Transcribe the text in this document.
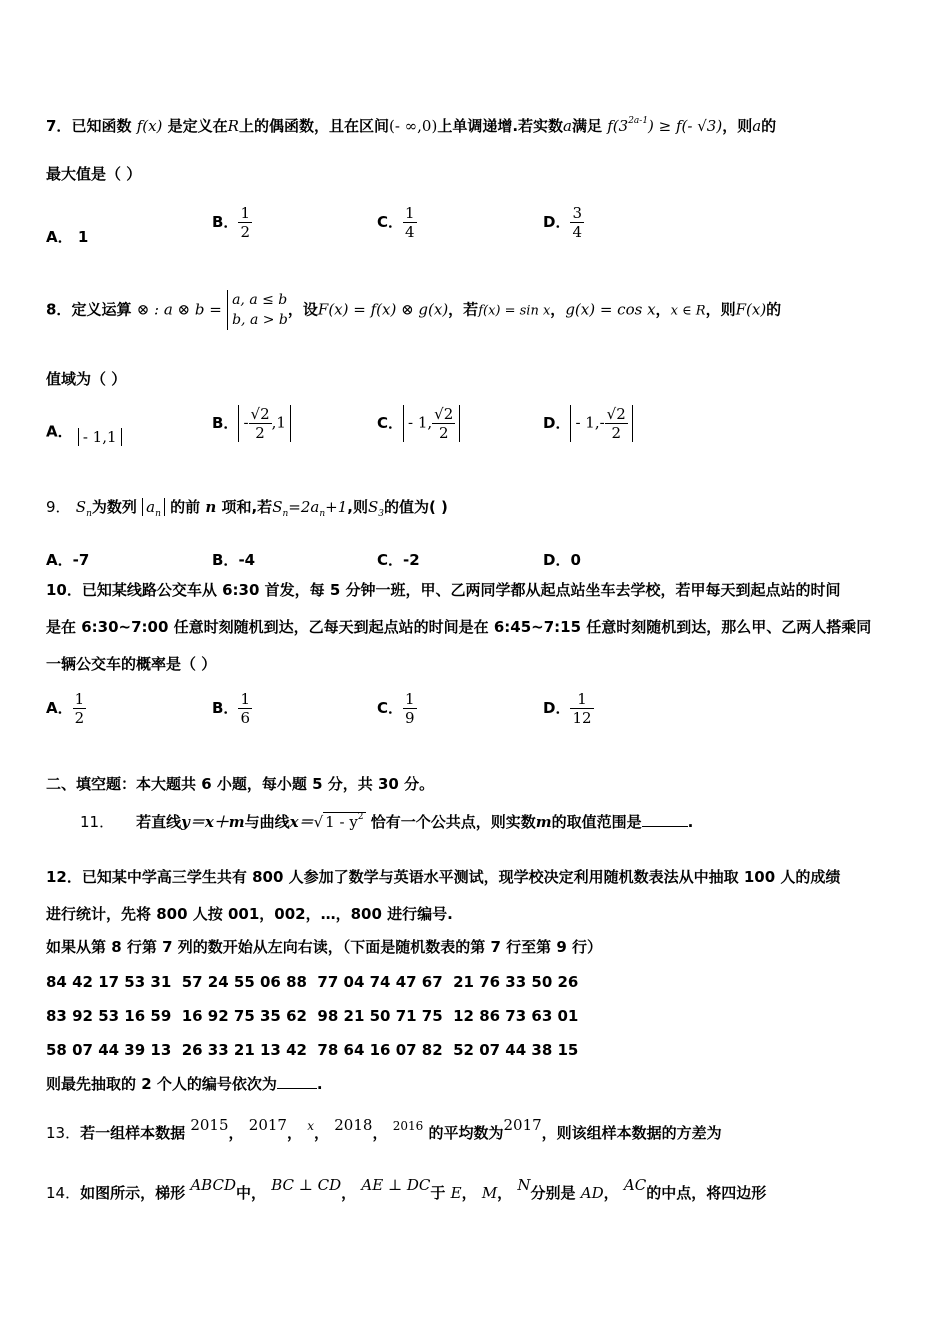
7．已知函数 f(x) 是定义在R上的偶函数，且在区间(- ∞,0)上单调递增.若实数a满足 $f(3^{2a-1}) \ge f(-$ √3)，则a的
最大值是（ ）
A． 1
B． $\frac{1}{2}$	C． $\frac{1}{4}$	D． $\frac{3}{4}$
8．定义运算 ⊗ : a ⊗ b =
a, a ≤ b
b, a > b
，设F(x) = f(x) ⊗ g(x)，若f(x) = sin x，g(x) = cos x，x ∈ R，则F(x)的
值域为（ ）
A． - 1,1
B． - $\frac{√2}{2} ,1$	C． - 1, $\frac{√2}{2}$	D． - $1,- \frac{√2}{2}$
9． $S_n$为数列 $a_n$ 的前 n 项和,若$S_n=2a_n+1$,则$S_3$的值为( )
A．-7	B．-4	C．-2	D．0
10．已知某线路公交车从 6:30 首发，每 5 分钟一班，甲、乙两同学都从起点站坐车去学校，若甲每天到起点站的时间
是在 6:30~7:00 任意时刻随机到达，乙每天到起点站的时间是在 6:45~7:15 任意时刻随机到达，那么甲、乙两人搭乘同
一辆公交车的概率是（ ）
A． $\frac{1}{2}$	B． $\frac{1}{6}$	C． $\frac{1}{9}$	D． $\frac{1}{12}$
二、填空题：本大题共 6 小题，每小题 5 分，共 30 分。
11． 若直线y＝x＋m与曲线x＝√ $1 - y^2$ 恰有一个公共点，则实数m的取值范围是	.
12．已知某中学高三学生共有 800 人参加了数学与英语水平测试，现学校决定利用随机数表法从中抽取 100 人的成绩
进行统计，先将 800 人按 001，002，…，800 进行编号.
如果从第 8 行第 7 列的数开始从左向右读，（下面是随机数表的第 7 行至第 9 行）
84 42 17 53 31  57 24 55 06 88  77 04 74 47 67  21 76 33 50 26
83 92 53 16 59  16 92 75 35 62  98 21 50 71 75  12 86 73 63 01
58 07 44 39 13  26 33 21 13 42  78 64 16 07 82  52 07 44 38 15
则最先抽取的 2 个人的编号依次为	.
13．若一组样本数据 2015， 2017， $^x$， 2018， $^{2016}$ 的平均数为2017，则该组样本数据的方差为
14．如图所示，梯形 ABCD中， BC ⊥ CD， AE ⊥ DC于 E， M， N分别是 AD， AC的中点，将四边形
